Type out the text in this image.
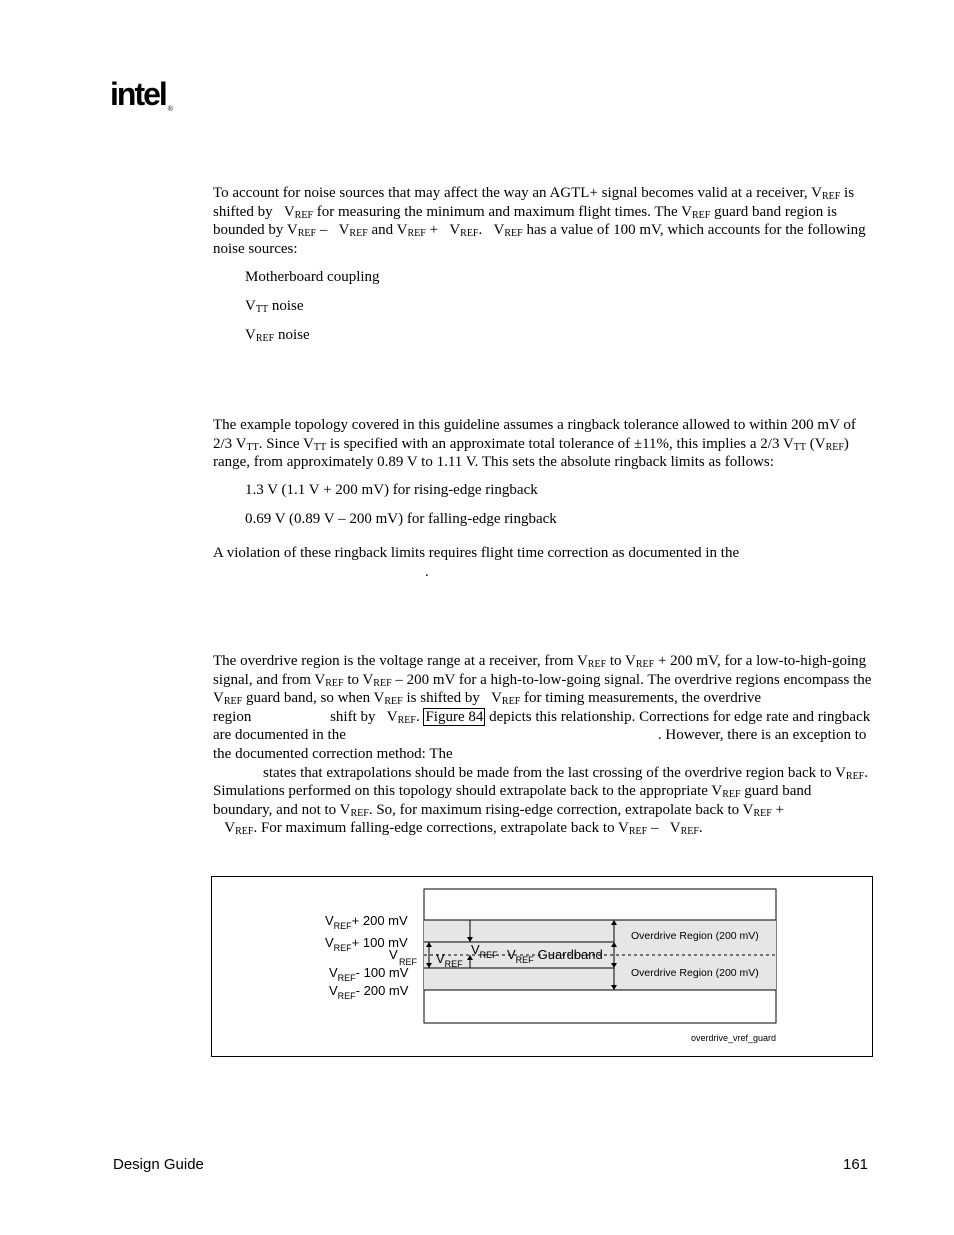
intel ®

To account for noise sources that may affect the way an AGTL+ signal becomes valid at a receiver, $V_{REF}$ is shifted by $V_{REF}$ for measuring the minimum and maximum flight times. The $V_{REF}$ guard band region is bounded by $V_{REF} - V_{REF}$ and $V_{REF} + V_{REF}$. $V_{REF}$ has a value of 100 mV, which accounts for the following noise sources:

Motherboard coupling

$V_{TT}$ noise

$V_{REF}$ noise

The example topology covered in this guideline assumes a ringback tolerance allowed to within 200 mV of 2/3 $V_{TT}$. Since $V_{TT}$ is specified with an approximate total tolerance of ±11%, this implies a 2/3 $V_{TT}$ $(V_{REF})$ range, from approximately 0.89 V to 1.11 V. This sets the absolute ringback limits as follows:

1.3 V (1.1 V + 200 mV) for rising-edge ringback

0.69 V (0.89 V – 200 mV) for falling-edge ringback

A violation of these ringback limits requires flight time correction as documented in the
.

The overdrive region is the voltage range at a receiver, from $V_{REF}$ to $V_{REF} + 200$ mV, for a low-to-high-going signal, and from $V_{REF}$ to $V_{REF} - 200$ mV for a high-to-low-going signal. The overdrive regions encompass the $V_{REF}$ guard band, so when $V_{REF}$ is shifted by $V_{REF}$ for timing measurements, the overdrive region	shift by $V_{REF}$. Figure 84 depicts this relationship. Corrections for edge rate and ringback are documented in the	. However, there is an exception to the documented correction method: The
states that extrapolations should be made from the last crossing of the overdrive region back to $V_{REF}$. Simulations performed on this topology should extrapolate back to the appropriate $V_{REF}$ guard band boundary, and not to $V_{REF}$. So, for maximum rising-edge correction, extrapolate back to $V_{REF}$ +
$V_{REF}$. For maximum falling-edge corrections, extrapolate back to $V_{REF} - V_{REF}$.

$V_{REF}+ 200$ mV
$V_{REF}+ 100$ mV
V REF
$V_{REF}-$ 100 mV
$V_{REF}-$ 200 mV
$V_{REF}$
$V_{REF}$ $V_{REF}$ Guardband
Overdrive Region (200 mV)
Overdrive Region (200 mV)
overdrive_vref_guard
Design Guide	161
